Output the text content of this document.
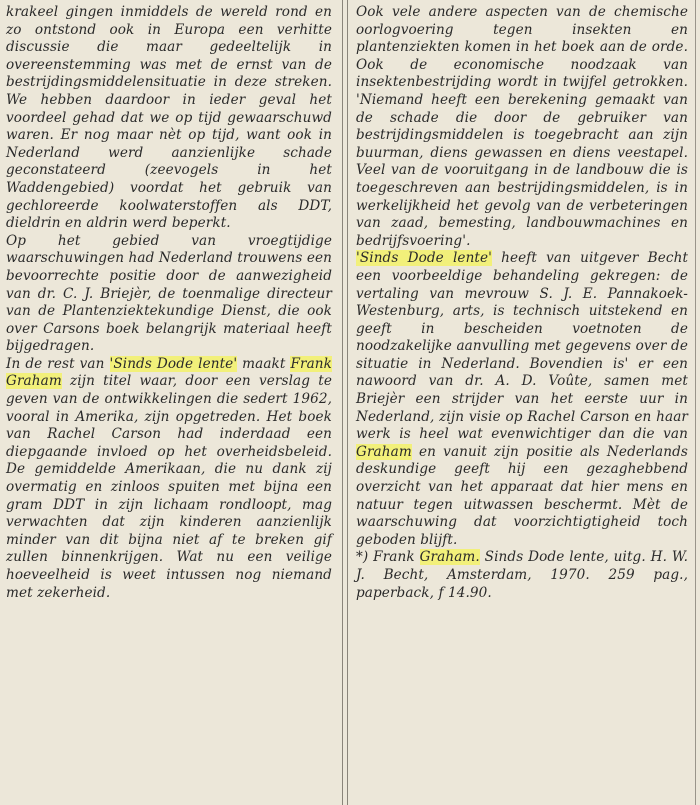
krakeel gingen inmiddels de wereld rond en zo ontstond ook in Europa een verhitte discussie die maar gedeeltelijk in overeenstemming was met de ernst van de bestrijdingsmiddelensituatie in deze streken. We hebben daardoor in ieder geval het voordeel gehad dat we op tijd gewaarschuwd waren. Er nog maar nèt op tijd, want ook in Nederland werd aanzienlijke schade geconstateerd (zeevogels in het Waddengebied) voordat het gebruik van gechloreerde koolwaterstoffen als DDT, dieldrin en aldrin werd beperkt.

Op het gebied van vroegtijdige waarschuwingen had Nederland trouwens een bevoorrechte positie door de aanwezigheid van dr. C. J. Briejèr, de toenmalige directeur van de Plantenziektekundige Dienst, die ook over Carsons boek belangrijk materiaal heeft bijgedragen.

In de rest van 'Sinds Dode lente' maakt Frank Graham zijn titel waar, door een verslag te geven van de ontwikkelingen die sedert 1962, vooral in Amerika, zijn opgetreden. Het boek van Rachel Carson had inderdaad een diepgaande invloed op het overheidsbeleid. De gemiddelde Amerikaan, die nu dank zij overmatig en zinloos spuiten met bijna een gram DDT in zijn lichaam rondloopt, mag verwachten dat zijn kinderen aanzienlijk minder van dit bijna niet af te breken gif zullen binnenkrijgen. Wat nu een veilige hoeveelheid is weet intussen nog niemand met zekerheid.

Ook vele andere aspecten van de chemische oorlogvoering tegen insekten en plantenziekten komen in het boek aan de orde. Ook de economische noodzaak van insektenbestrijding wordt in twijfel getrokken. 'Niemand heeft een berekening gemaakt van de schade die door de gebruiker van bestrijdingsmiddelen is toegebracht aan zijn buurman, diens gewassen en diens veestapel. Veel van de vooruitgang in de landbouw die is toegeschreven aan bestrijdingsmiddelen, is in werkelijkheid het gevolg van de verbeteringen van zaad, bemesting, landbouwmachines en bedrijfsvoering'.

'Sinds Dode lente' heeft van uitgever Becht een voorbeeldige behandeling gekregen: de vertaling van mevrouw S. J. E. Pannakoek-Westenburg, arts, is technisch uitstekend en geeft in bescheiden voetnoten de noodzakelijke aanvulling met gegevens over de situatie in Nederland. Bovendien is' er een nawoord van dr. A. D. Voûte, samen met Briejèr een strijder van het eerste uur in Nederland, zijn visie op Rachel Carson en haar werk is heel wat evenwichtiger dan die van Graham en vanuit zijn positie als Nederlands deskundige geeft hij een gezaghebbend overzicht van het apparaat dat hier mens en natuur tegen uitwassen beschermt. Mèt de waarschuwing dat voorzichtigtigheid toch geboden blijft.

*) Frank Graham. Sinds Dode lente, uitg. H. W. J. Becht, Amsterdam, 1970. 259 pag., paperback, f 14.90.
